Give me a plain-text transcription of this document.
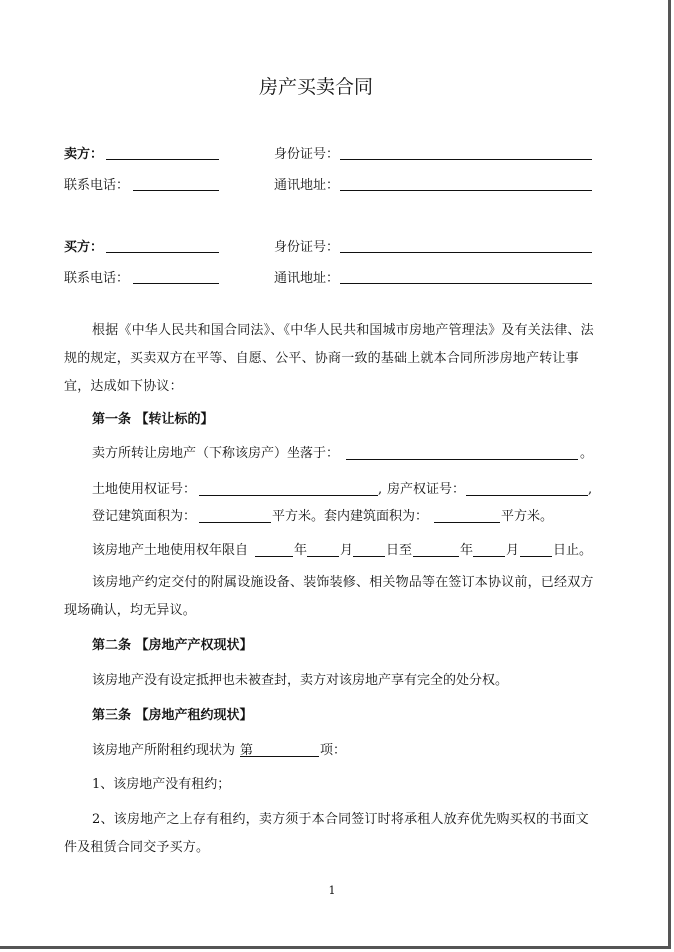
房产买卖合同
卖方：	身份证号：
联系电话：	通讯地址：
买方：	身份证号：
联系电话：	通讯地址：
根据《中华人民共和国合同法》、《中华人民共和国城市房地产管理法》及有关法律、法规的规定，买卖双方在平等、自愿、公平、协商一致的基础上就本合同所涉房地产转让事宜，达成如下协议：
第一条 【转让标的】
卖方所转让房地产（下称该房产）坐落于：	。
土地使用权证号：	, 房产权证号：	,
登记建筑面积为：	平方米。套内建筑面积为：	平方米。
该房地产土地使用权年限自	年	月	日至	年	月	日止。
该房地产约定交付的附属设施设备、装饰装修、相关物品等在签订本协议前，已经双方现场确认，均无异议。
第二条 【房地产产权现状】
该房地产没有设定抵押也未被查封，卖方对该房地产享有完全的处分权。
第三条 【房地产租约现状】
该房地产所附租约现状为 第	项：
1、该房地产没有租约；
2、该房地产之上存有租约，卖方须于本合同签订时将承租人放弃优先购买权的书面文件及租赁合同交予买方。
1
